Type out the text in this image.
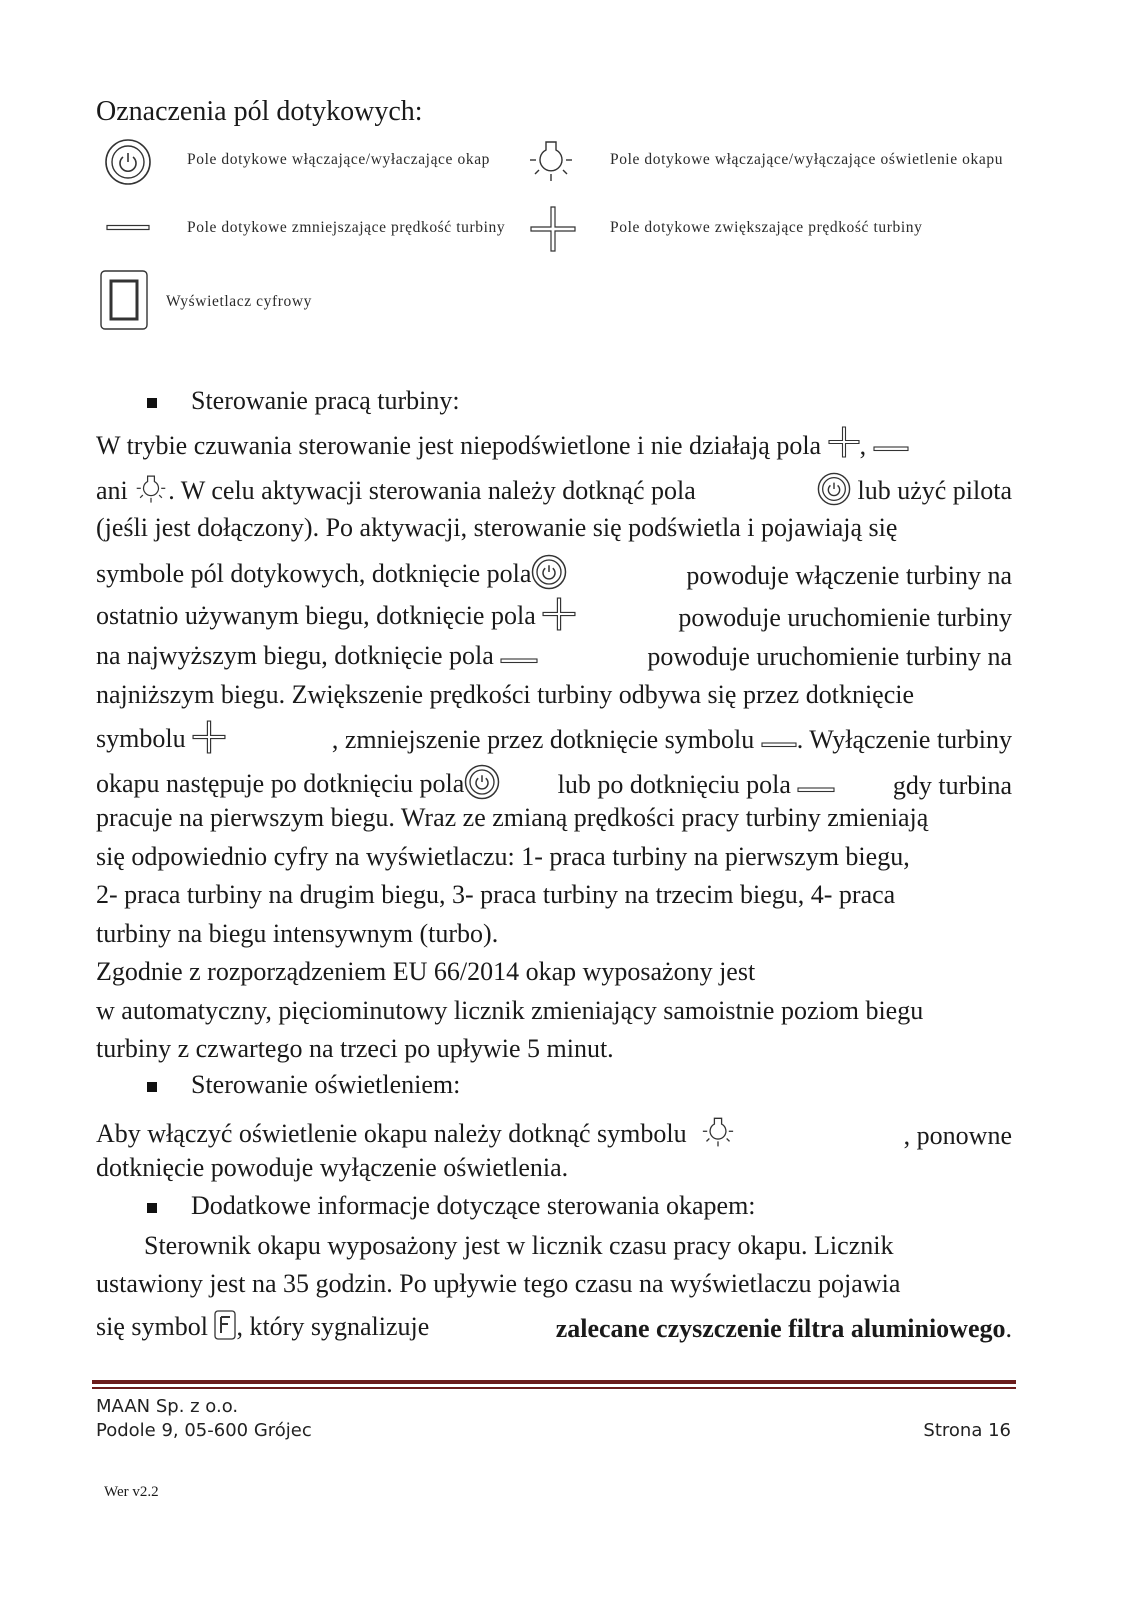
Oznaczenia pól dotykowych:
Pole dotykowe włączające/wyłaczające okap	Pole dotykowe włączające/wyłączające oświetlenie okapu
Pole dotykowe zmniejszające prędkość turbiny	Pole dotykowe zwiększające prędkość turbiny
Wyświetlacz cyfrowy
Sterowanie pracą turbiny:
W trybie czuwania sterowanie jest niepodświetlone i nie działają pola
,

ani . W celu aktywacji sterowania należy dotknąć pola	lub użyć pilota
(jeśli jest dołączony). Po aktywacji, sterowanie się podświetla i pojawiają się
symbole pól dotykowych, dotknięcie pola	powoduje włączenie turbiny na
ostatnio używanym biegu, dotknięcie pola	powoduje uruchomienie turbiny
na najwyższym biegu, dotknięcie pola	powoduje uruchomienie turbiny na
najniższym biegu. Zwiększenie prędkości turbiny odbywa się przez dotknięcie
symbolu	, zmniejszenie przez dotknięcie symbolu . Wyłączenie turbiny
okapu następuje po dotknięciu pola	lub po dotknięciu pola	gdy turbina
pracuje na pierwszym biegu. Wraz ze zmianą prędkości pracy turbiny zmieniają
się odpowiednio cyfry na wyświetlaczu: 1- praca turbiny na pierwszym biegu,
2- praca turbiny na drugim biegu, 3- praca turbiny na trzecim biegu, 4- praca
turbiny na biegu intensywnym (turbo).
Zgodnie z rozporządzeniem EU 66/2014 okap wyposażony jest
w automatyczny, pięciominutowy licznik zmieniający samoistnie poziom biegu
turbiny z czwartego na trzeci po upływie 5 minut.
Sterowanie oświetleniem:
Aby włączyć oświetlenie okapu należy dotknąć symbolu	, ponowne
dotknięcie powoduje wyłączenie oświetlenia.
Dodatkowe informacje dotyczące sterowania okapem:
Sterownik okapu wyposażony jest w licznik czasu pracy okapu. Licznik
ustawiony jest na 35 godzin. Po upływie tego czasu na wyświetlaczu pojawia
się symbol , który sygnalizuje	zalecane czyszczenie filtra aluminiowego.
MAAN Sp. z o.o.
Podole 9, 05-600 Grójec	Strona 16
Wer v2.2
